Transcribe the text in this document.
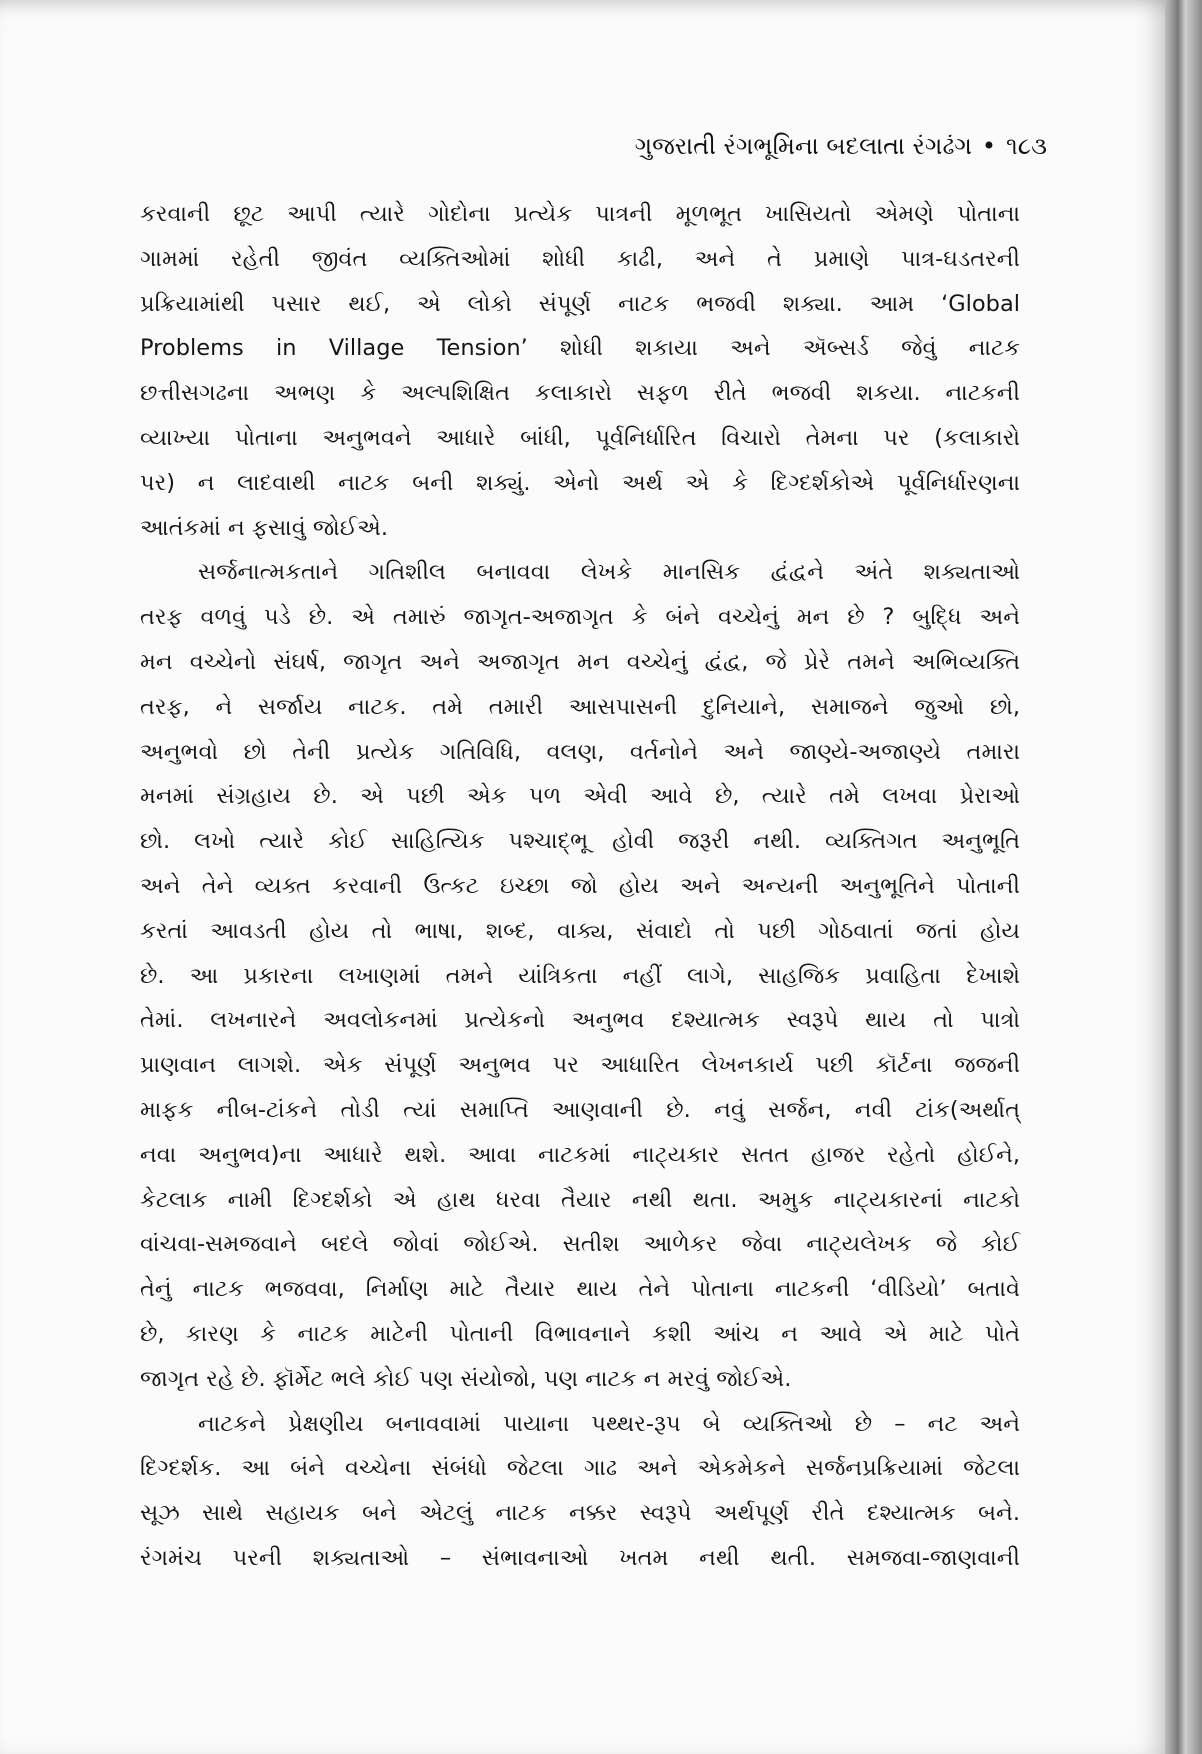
ગુજરાતી રંગભૂમિના બદલાતા રંગઢંગ • ૧૮૩

કરવાની છૂટ આપી ત્યારે ગોદોના પ્રત્યેક પાત્રની મૂળભૂત ખાસિયતો એમણે પોતાના

ગામમાં રહેતી જીવંત વ્યક્તિઓમાં શોધી કાઢી, અને તે પ્રમાણે પાત્ર-ઘડતરની

પ્રક્રિયામાંથી પસાર થઈ, એ લોકો સંપૂર્ણ નાટક ભજવી શક્યા. આમ ‘Global

Problems in Village Tension’ શોધી શકાયા અને ઍબ્સર્ડ જેવું નાટક

છત્તીસગઢના અભણ કે અલ્પશિક્ષિત કલાકારો સફળ રીતે ભજવી શકયા. નાટકની

વ્યાખ્યા પોતાના અનુભવને આધારે બાંધી, પૂર્વનિર્ધારિત વિચારો તેમના પર (કલાકારો

પર) ન લાદવાથી નાટક બની શક્યું. એનો અર્થ એ કે દિગ્દર્શકોએ પૂર્વનિર્ધારણના

આતંકમાં ન ફસાવું જોઈએ.

સર્જનાત્મકતાને ગતિશીલ બનાવવા લેખકે માનસિક દ્વંદ્વને અંતે શક્યતાઓ

તરફ વળવું પડે છે. એ તમારું જાગૃત-અજાગૃત કે બંને વચ્ચેનું મન છે ? બુદ્ધિ અને

મન વચ્ચેનો સંઘર્ષ, જાગૃત અને અજાગૃત મન વચ્ચેનું દ્વંદ્વ, જે પ્રેરે તમને અભિવ્યક્તિ

તરફ, ને સર્જાય નાટક. તમે તમારી આસપાસની દુનિયાને, સમાજને જુઓ છો,

અનુભવો છો તેની પ્રત્યેક ગતિવિધિ, વલણ, વર્તનોને અને જાણ્યે-અજાણ્યે તમારા

મનમાં સંગ્રહાય છે. એ પછી એક પળ એવી આવે છે, ત્યારે તમે લખવા પ્રેરાઓ

છો. લખો ત્યારે કોઈ સાહિત્યિક પશ્ચાદ્ભૂ હોવી જરૂરી નથી. વ્યક્તિગત અનુભૂતિ

અને તેને વ્યક્ત કરવાની ઉત્કટ ઇચ્છા જો હોય અને અન્યની અનુભૂતિને પોતાની

કરતાં આવડતી હોય તો ભાષા, શબ્દ, વાક્ય, સંવાદો તો પછી ગોઠવાતાં જતાં હોય

છે. આ પ્રકારના લખાણમાં તમને યાંત્રિકતા નહીં લાગે, સાહજિક પ્રવાહિતા દેખાશે

તેમાં. લખનારને અવલોકનમાં પ્રત્યેકનો અનુભવ દશ્યાત્મક સ્વરૂપે થાય તો પાત્રો

પ્રાણવાન લાગશે. એક સંપૂર્ણ અનુભવ પર આધારિત લેખનકાર્ય પછી કૉર્ટના જજની

માફક નીબ-ટાંકને તોડી ત્યાં સમાપ્તિ આણવાની છે. નવું સર્જન, નવી ટાંક(અર્થાત્

નવા અનુભવ)ના આધારે થશે. આવા નાટકમાં નાટ્યકાર સતત હાજર રહેતો હોઈને,

કેટલાક નામી દિગ્દર્શકો એ હાથ ધરવા તૈયાર નથી થતા. અમુક નાટ્યકારનાં નાટકો

વાંચવા-સમજવાને બદલે જોવાં જોઈએ. સતીશ આળેકર જેવા નાટ્યલેખક જે કોઈ

તેનું નાટક ભજવવા, નિર્માણ માટે તૈયાર થાય તેને પોતાના નાટકની ‘વીડિયો’ બતાવે

છે, કારણ કે નાટક માટેની પોતાની વિભાવનાને કશી આંચ ન આવે એ માટે પોતે

જાગૃત રહે છે. ફૉર્મેટ ભલે કોઈ પણ સંયોજો, પણ નાટક ન મરવું જોઈએ.

નાટકને પ્રેક્ષણીય બનાવવામાં પાયાના પથ્થર-રૂપ બે વ્યક્તિઓ છે – નટ અને

દિગ્દર્શક. આ બંને વચ્ચેના સંબંધો જેટલા ગાઢ અને એકમેકને સર્જનપ્રક્રિયામાં જેટલા

સૂઝ સાથે સહાયક બને એટલું નાટક નક્કર સ્વરૂપે અર્થપૂર્ણ રીતે દશ્યાત્મક બને.

રંગમંચ પરની શક્યતાઓ – સંભાવનાઓ ખતમ નથી થતી. સમજવા-જાણવાની
